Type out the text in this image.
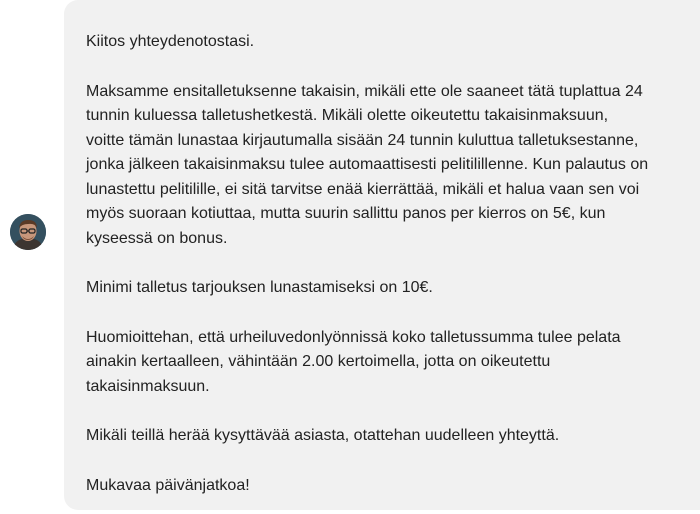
Kiitos yhteydenotostasi.

Maksamme ensitalletuksenne takaisin, mikäli ette ole saaneet tätä tuplattua 24
tunnin kuluessa talletushetkestä. Mikäli olette oikeutettu takaisinmaksuun,
voitte tämän lunastaa kirjautumalla sisään 24 tunnin kuluttua talletuksestanne,
jonka jälkeen takaisinmaksu tulee automaattisesti pelitilillenne. Kun palautus on
lunastettu pelitilille, ei sitä tarvitse enää kierrättää, mikäli et halua vaan sen voi
myös suoraan kotiuttaa, mutta suurin sallittu panos per kierros on 5€, kun
kyseessä on bonus.

Minimi talletus tarjouksen lunastamiseksi on 10€.

Huomioittehan, että urheiluvedonlyönnissä koko talletussumma tulee pelata
ainakin kertaalleen, vähintään 2.00 kertoimella, jotta on oikeutettu
takaisinmaksuun.

Mikäli teillä herää kysyttävää asiasta, otattehan uudelleen yhteyttä.

Mukavaa päivänjatkoa!
